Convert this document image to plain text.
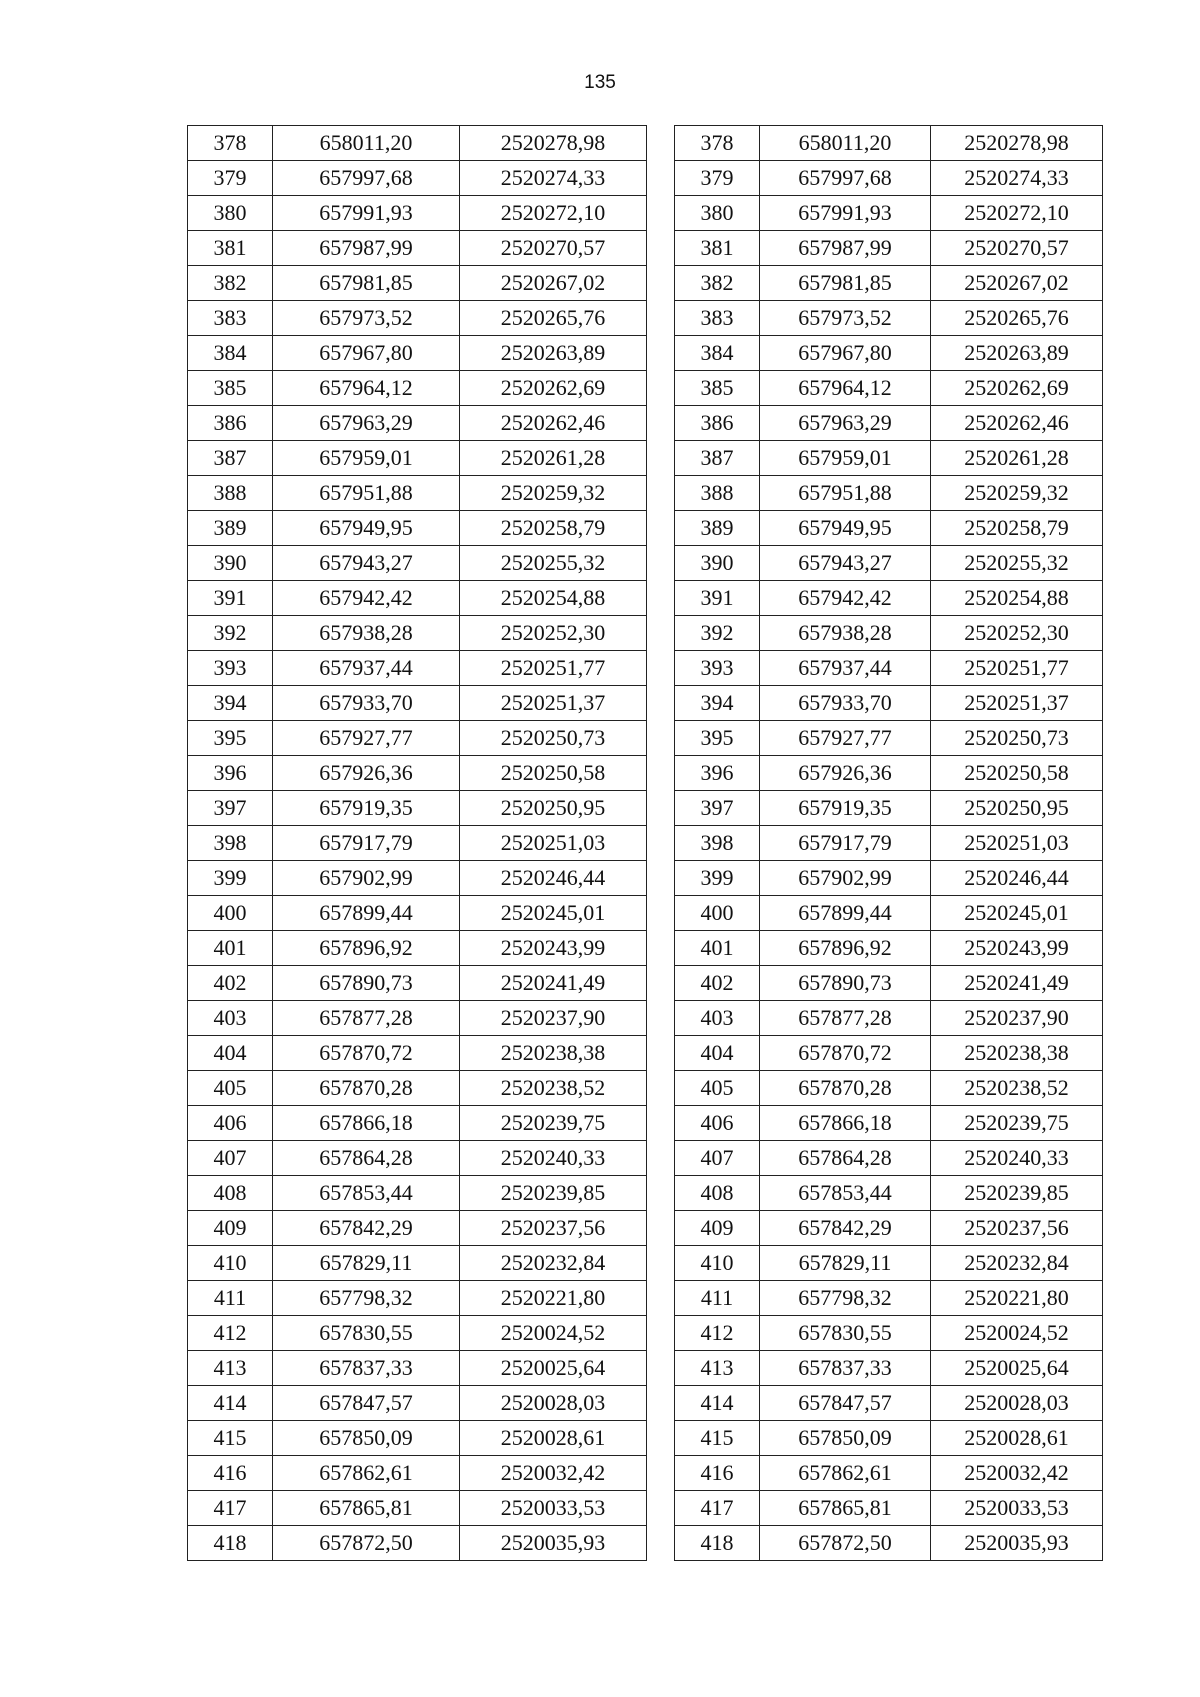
135
378	658011,20	2520278,98
379	657997,68	2520274,33
380	657991,93	2520272,10
381	657987,99	2520270,57
382	657981,85	2520267,02
383	657973,52	2520265,76
384	657967,80	2520263,89
385	657964,12	2520262,69
386	657963,29	2520262,46
387	657959,01	2520261,28
388	657951,88	2520259,32
389	657949,95	2520258,79
390	657943,27	2520255,32
391	657942,42	2520254,88
392	657938,28	2520252,30
393	657937,44	2520251,77
394	657933,70	2520251,37
395	657927,77	2520250,73
396	657926,36	2520250,58
397	657919,35	2520250,95
398	657917,79	2520251,03
399	657902,99	2520246,44
400	657899,44	2520245,01
401	657896,92	2520243,99
402	657890,73	2520241,49
403	657877,28	2520237,90
404	657870,72	2520238,38
405	657870,28	2520238,52
406	657866,18	2520239,75
407	657864,28	2520240,33
408	657853,44	2520239,85
409	657842,29	2520237,56
410	657829,11	2520232,84
411	657798,32	2520221,80
412	657830,55	2520024,52
413	657837,33	2520025,64
414	657847,57	2520028,03
415	657850,09	2520028,61
416	657862,61	2520032,42
417	657865,81	2520033,53
418	657872,50	2520035,93
378	658011,20	2520278,98
379	657997,68	2520274,33
380	657991,93	2520272,10
381	657987,99	2520270,57
382	657981,85	2520267,02
383	657973,52	2520265,76
384	657967,80	2520263,89
385	657964,12	2520262,69
386	657963,29	2520262,46
387	657959,01	2520261,28
388	657951,88	2520259,32
389	657949,95	2520258,79
390	657943,27	2520255,32
391	657942,42	2520254,88
392	657938,28	2520252,30
393	657937,44	2520251,77
394	657933,70	2520251,37
395	657927,77	2520250,73
396	657926,36	2520250,58
397	657919,35	2520250,95
398	657917,79	2520251,03
399	657902,99	2520246,44
400	657899,44	2520245,01
401	657896,92	2520243,99
402	657890,73	2520241,49
403	657877,28	2520237,90
404	657870,72	2520238,38
405	657870,28	2520238,52
406	657866,18	2520239,75
407	657864,28	2520240,33
408	657853,44	2520239,85
409	657842,29	2520237,56
410	657829,11	2520232,84
411	657798,32	2520221,80
412	657830,55	2520024,52
413	657837,33	2520025,64
414	657847,57	2520028,03
415	657850,09	2520028,61
416	657862,61	2520032,42
417	657865,81	2520033,53
418	657872,50	2520035,93
